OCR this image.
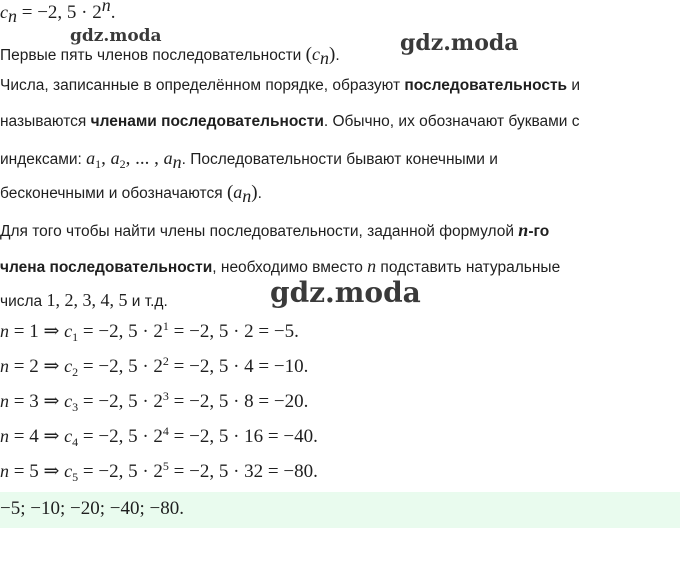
$c_n = -2$, $5 \cdot 2^n$.
gdz.moda
Первые пять членов последовательности $(c_n)$.	gdz.moda
Числа, записанные в определённом порядке, образуют последовательность и
называются членами последовательности. Обычно, их обозначают буквами с
индексами: $a_1$, $a_2$, ... , $a_n$. Последовательности бывают конечными и
бесконечными и обозначаются $(a_n)$.
Для того чтобы найти члены последовательности, заданной формулой n-го
члена последовательности, необходимо вместо n подставить натуральные
числа 1, 2, 3, 4, 5 и т.д.	gdz.moda
n = 1 ⇒ $c_1 = -2$, $5 \cdot 2^1 = -2$, 5 · 2 = −5.
n = 2 ⇒ $c_2 = -2$, $5 \cdot 2^2 = -2$, 5 · 4 = −10.
n = 3 ⇒ $c_3 = -2$, $5 \cdot 2^3 = -2$, 5 · 8 = −20.
n = 4 ⇒ $c_4 = -2$, $5 \cdot 2^4 = -2$, 5 · 16 = −40.
n = 5 ⇒ $c_5 = -2$, $5 \cdot 2^5 = -2$, 5 · 32 = −80.
−5; −10; −20; −40; −80.
